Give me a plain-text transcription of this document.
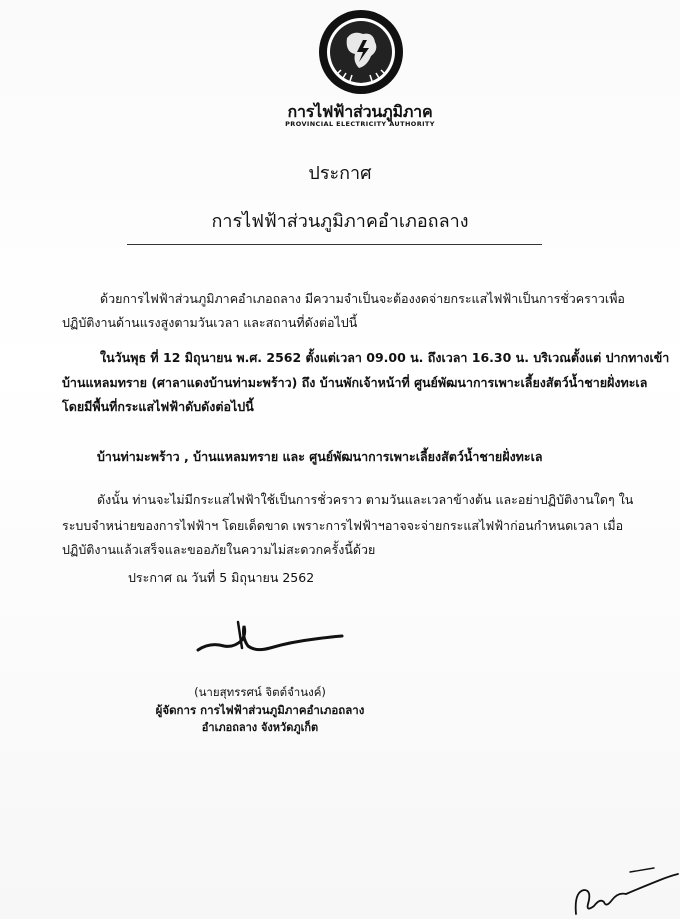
การไฟฟ้าส่วนภูมิภาค
PROVINCIAL ELECTRICITY AUTHORITY
ประกาศ
การไฟฟ้าส่วนภูมิภาคอำเภอถลาง
ด้วยการไฟฟ้าส่วนภูมิภาคอำเภอถลาง มีความจำเป็นจะต้องงดจ่ายกระแสไฟฟ้าเป็นการชั่วคราวเพื่อ
ปฏิบัติงานด้านแรงสูงตามวันเวลา และสถานที่ดังต่อไปนี้
ในวันพุธ ที่ 12 มิถุนายน พ.ศ. 2562 ตั้งแต่เวลา 09.00 น. ถึงเวลา 16.30 น. บริเวณตั้งแต่ ปากทางเข้า
บ้านแหลมทราย (ศาลาแดงบ้านท่ามะพร้าว) ถึง บ้านพักเจ้าหน้าที่ ศูนย์พัฒนาการเพาะเลี้ยงสัตว์น้ำชายฝั่งทะเล
โดยมีพื้นที่กระแสไฟฟ้าดับดังต่อไปนี้
บ้านท่ามะพร้าว , บ้านแหลมทราย และ ศูนย์พัฒนาการเพาะเลี้ยงสัตว์น้ำชายฝั่งทะเล
ดังนั้น ท่านจะไม่มีกระแสไฟฟ้าใช้เป็นการชั่วคราว ตามวันและเวลาข้างต้น และอย่าปฏิบัติงานใดๆ ใน
ระบบจำหน่ายของการไฟฟ้าฯ โดยเด็ดขาด เพราะการไฟฟ้าฯอาจจะจ่ายกระแสไฟฟ้าก่อนกำหนดเวลา เมื่อ
ปฏิบัติงานแล้วเสร็จและขออภัยในความไม่สะดวกครั้งนี้ด้วย
ประกาศ ณ วันที่ 5 มิถุนายน 2562
(นายสุทรรศน์ จิตต์จำนงค์)
ผู้จัดการ การไฟฟ้าส่วนภูมิภาคอำเภอถลาง
อำเภอถลาง จังหวัดภูเก็ต
